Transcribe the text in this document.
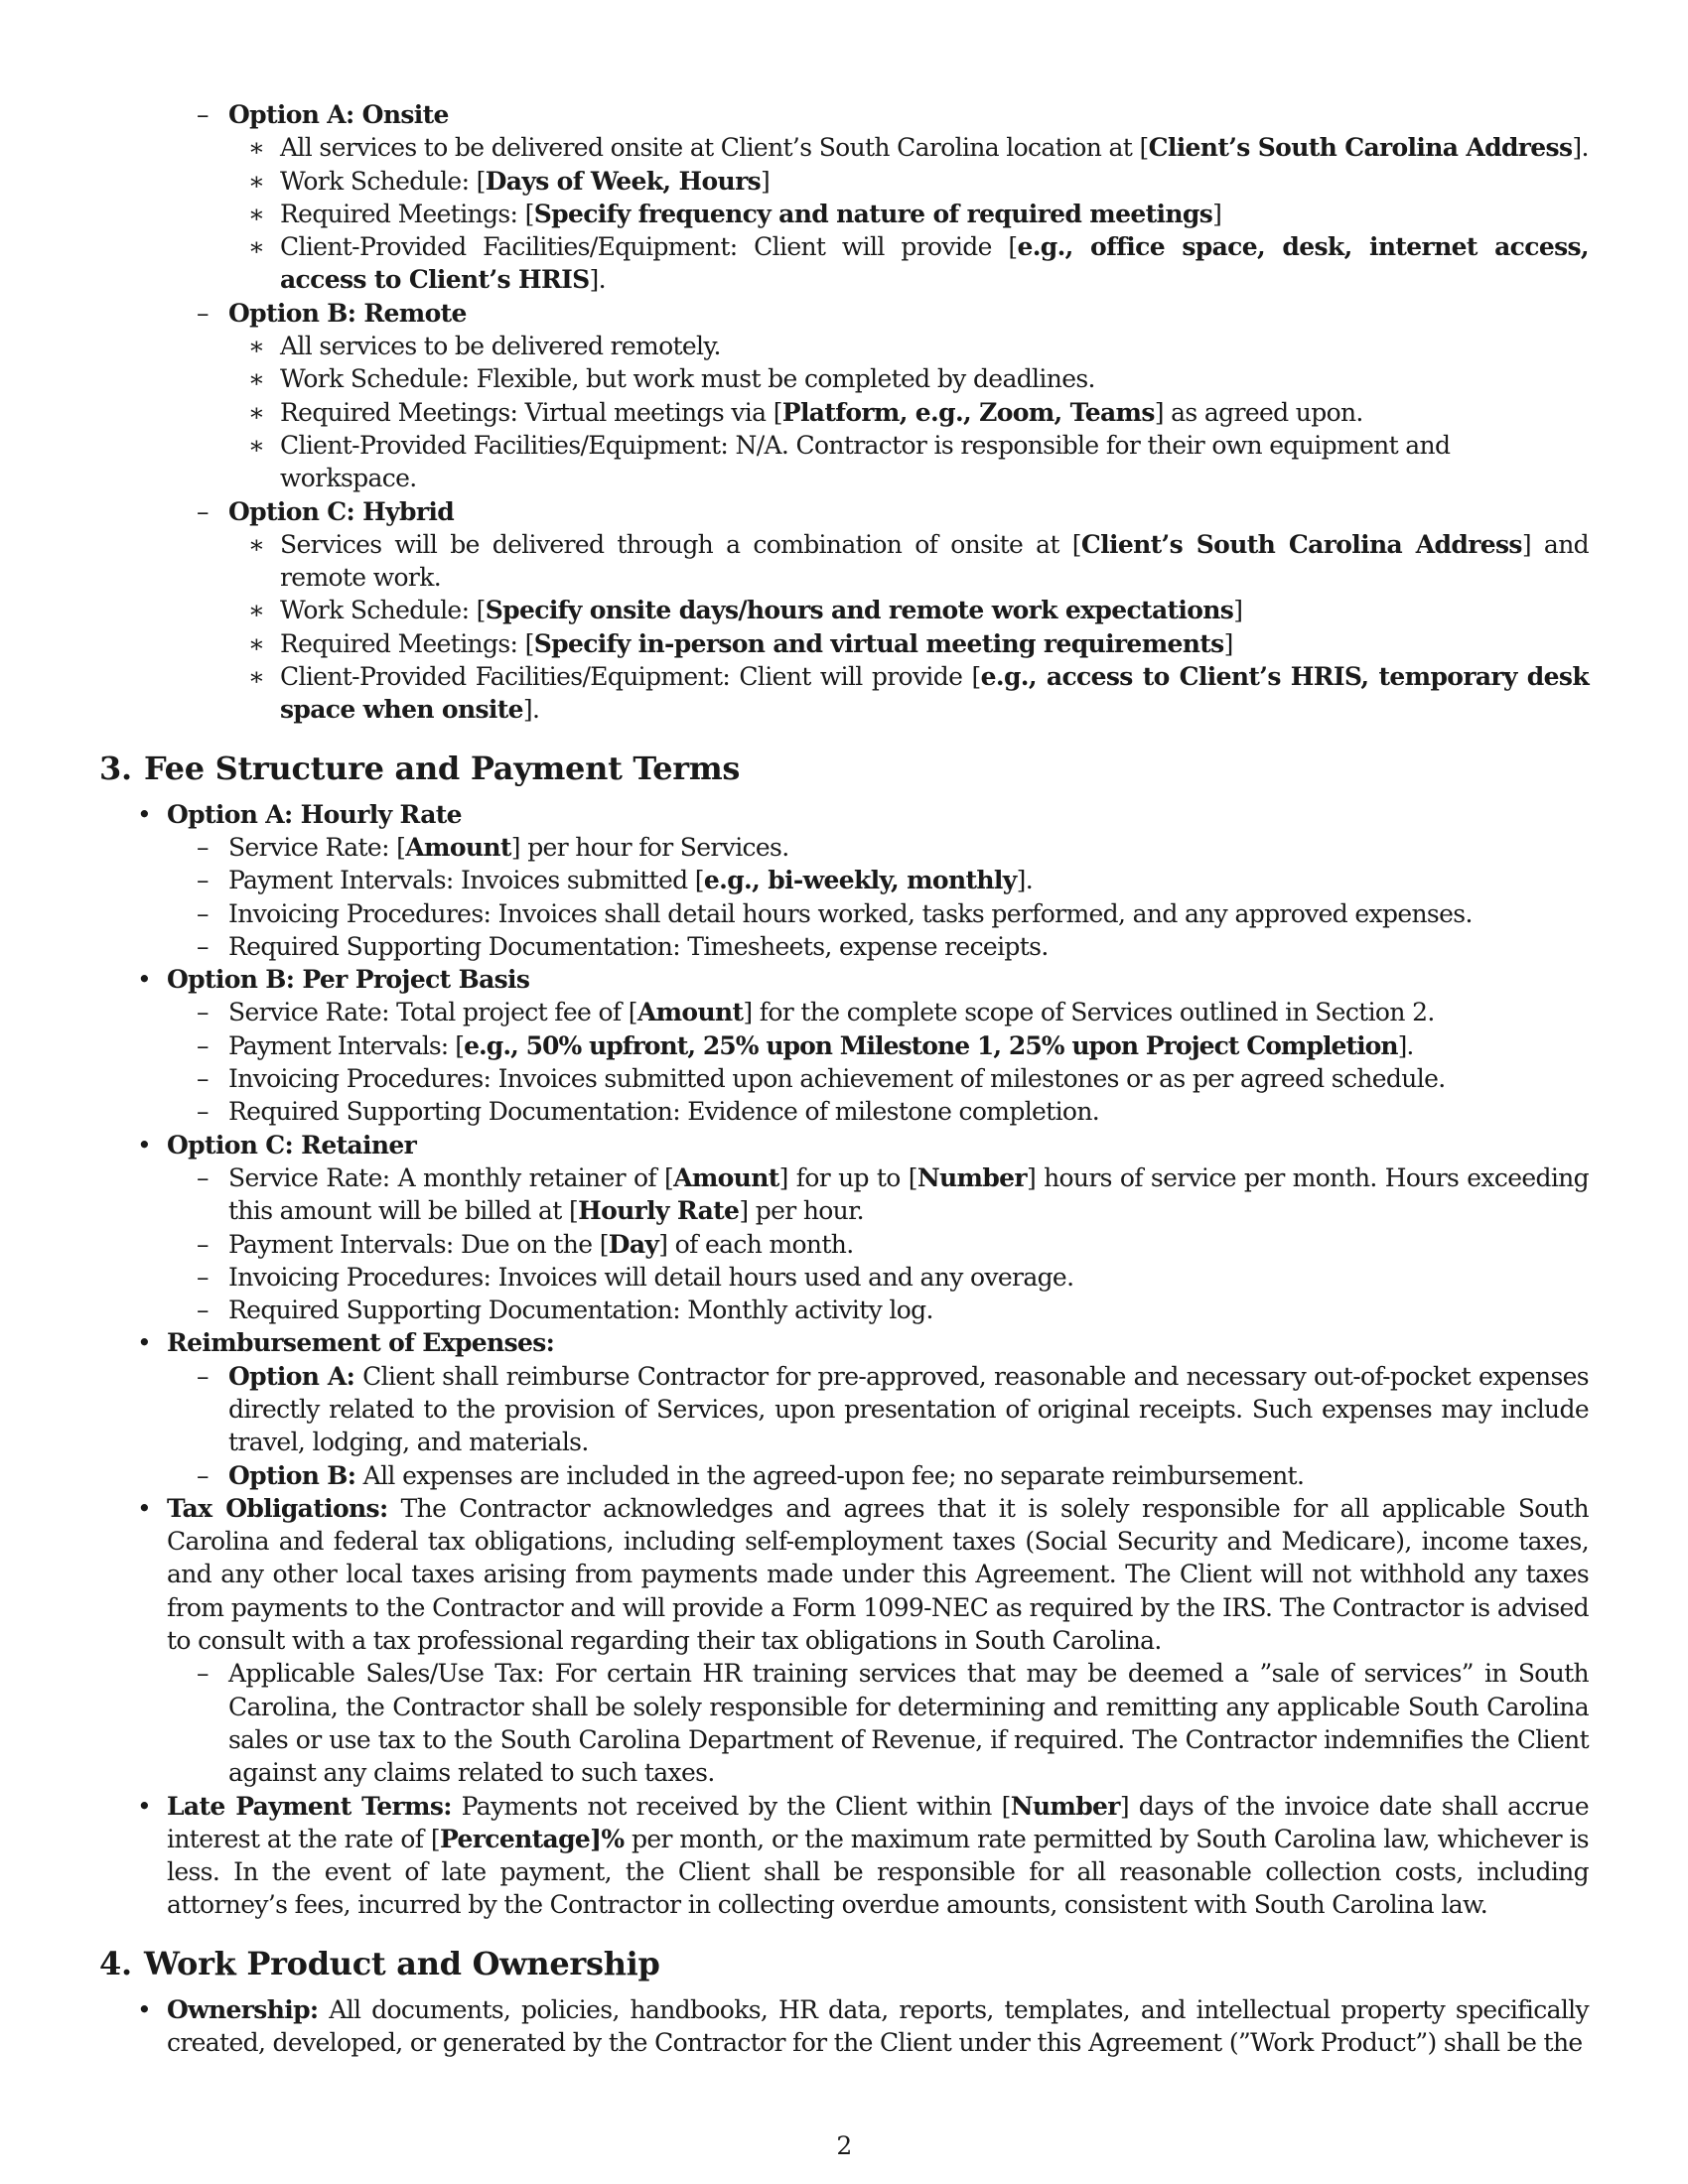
– Option A: Onsite
∗ All services to be delivered onsite at Client’s South Carolina location at [Client’s South Carolina Address].
∗ Work Schedule: [Days of Week, Hours]
∗ Required Meetings: [Specify frequency and nature of required meetings]
∗ Client-Provided Facilities/Equipment: Client will provide [e.g., office space, desk, internet access, access to Client’s HRIS].
– Option B: Remote
∗ All services to be delivered remotely.
∗ Work Schedule: Flexible, but work must be completed by deadlines.
∗ Required Meetings: Virtual meetings via [Platform, e.g., Zoom, Teams] as agreed upon.
∗ Client-Provided Facilities/Equipment: N/A. Contractor is responsible for their own equipment and workspace.
– Option C: Hybrid
∗ Services will be delivered through a combination of onsite at [Client’s South Carolina Address] and remote work.
∗ Work Schedule: [Specify onsite days/hours and remote work expectations]
∗ Required Meetings: [Specify in-person and virtual meeting requirements]
∗ Client-Provided Facilities/Equipment: Client will provide [e.g., access to Client’s HRIS, temporary desk space when onsite].
3. Fee Structure and Payment Terms
• Option A: Hourly Rate
– Service Rate: [Amount] per hour for Services.
– Payment Intervals: Invoices submitted [e.g., bi-weekly, monthly].
– Invoicing Procedures: Invoices shall detail hours worked, tasks performed, and any approved expenses.
– Required Supporting Documentation: Timesheets, expense receipts.
• Option B: Per Project Basis
– Service Rate: Total project fee of [Amount] for the complete scope of Services outlined in Section 2.
– Payment Intervals: [e.g., 50% upfront, 25% upon Milestone 1, 25% upon Project Completion].
– Invoicing Procedures: Invoices submitted upon achievement of milestones or as per agreed schedule.
– Required Supporting Documentation: Evidence of milestone completion.
• Option C: Retainer
– Service Rate: A monthly retainer of [Amount] for up to [Number] hours of service per month. Hours exceeding this amount will be billed at [Hourly Rate] per hour.
– Payment Intervals: Due on the [Day] of each month.
– Invoicing Procedures: Invoices will detail hours used and any overage.
– Required Supporting Documentation: Monthly activity log.
• Reimbursement of Expenses:
– Option A: Client shall reimburse Contractor for pre-approved, reasonable and necessary out-of-pocket expenses directly related to the provision of Services, upon presentation of original receipts. Such expenses may include travel, lodging, and materials.
– Option B: All expenses are included in the agreed-upon fee; no separate reimbursement.
• Tax Obligations: The Contractor acknowledges and agrees that it is solely responsible for all applicable South Carolina and federal tax obligations, including self-employment taxes (Social Security and Medicare), income taxes, and any other local taxes arising from payments made under this Agreement. The Client will not withhold any taxes from payments to the Contractor and will provide a Form 1099-NEC as required by the IRS. The Contractor is advised to consult with a tax professional regarding their tax obligations in South Carolina.
– Applicable Sales/Use Tax: For certain HR training services that may be deemed a ”sale of services” in South Carolina, the Contractor shall be solely responsible for determining and remitting any applicable South Carolina sales or use tax to the South Carolina Department of Revenue, if required. The Contractor indemnifies the Client against any claims related to such taxes.
• Late Payment Terms: Payments not received by the Client within [Number] days of the invoice date shall accrue interest at the rate of [Percentage]% per month, or the maximum rate permitted by South Carolina law, whichever is less. In the event of late payment, the Client shall be responsible for all reasonable collection costs, including attorney’s fees, incurred by the Contractor in collecting overdue amounts, consistent with South Carolina law.
4. Work Product and Ownership
• Ownership: All documents, policies, handbooks, HR data, reports, templates, and intellectual property specifically created, developed, or generated by the Contractor for the Client under this Agreement (”Work Product”) shall be the
2
